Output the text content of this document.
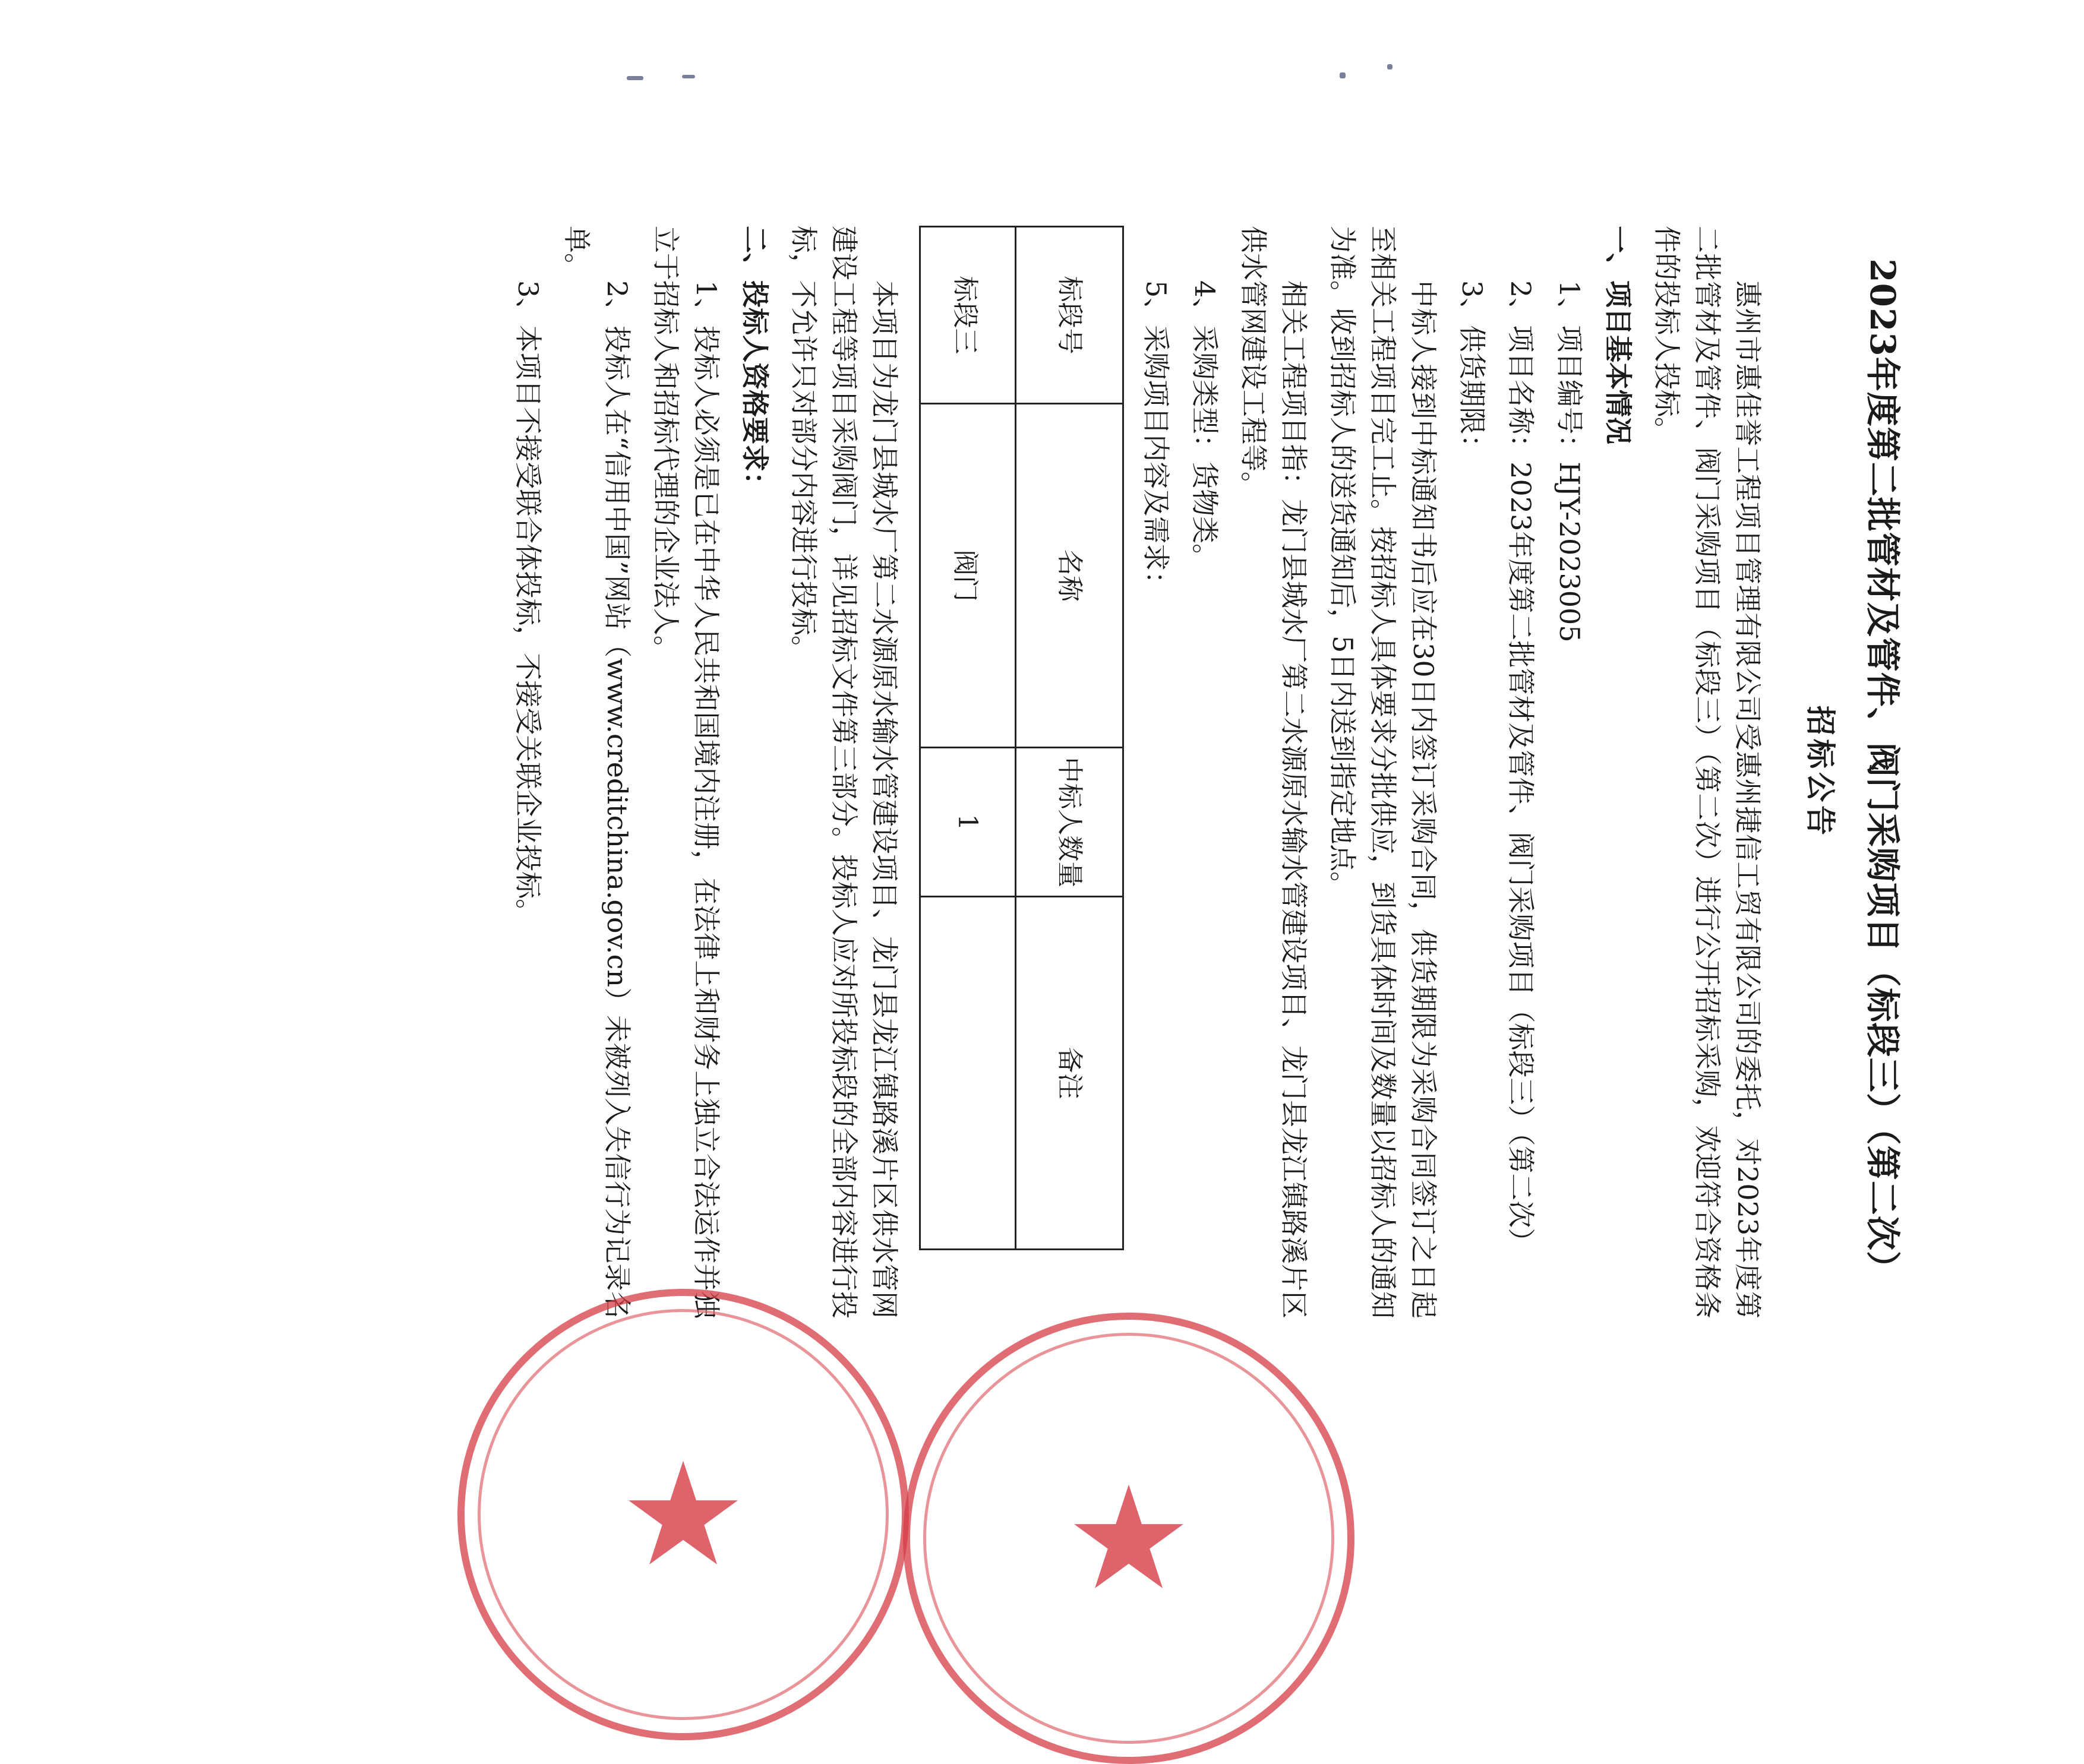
2023年度第二批管材及管件、阀门采购项目（标段三）（第二次）
招标公告

惠州市惠佳誉工程项目管理有限公司受惠州捷信工贸有限公司的委托，对2023年度第二批管材及管件、阀门采购项目（标段三）（第二次）进行公开招标采购，欢迎符合资格条件的投标人投标。

一、项目基本情况

1、项目编号：HJY-2023005

2、项目名称：2023年度第二批管材及管件、阀门采购项目（标段三）（第二次）

3、供货期限：

中标人接到中标通知书后应在30日内签订采购合同，供货期限为采购合同签订之日起至相关工程项目完工止。按招标人具体要求分批供应，到货具体时间及数量以招标人的通知为准。收到招标人的送货通知后，5日内送到指定地点。

相关工程项目指：龙门县城水厂第二水源原水输水管建设项目、龙门县龙江镇路溪片区供水管网建设工程等。

4、采购类型：货物类。

5、采购项目内容及需求：

标段号	名称	中标人数量	备注
标段三	阀门	1	

本项目为龙门县城水厂第二水源原水输水管建设项目、龙门县龙江镇路溪片区供水管网建设工程等项目采购阀门，详见招标文件第三部分。投标人应对所投标段的全部内容进行投标，不允许只对部分内容进行投标。

二、投标人资格要求：

1、投标人必须是已在中华人民共和国境内注册，在法律上和财务上独立合法运作并独立于招标人和招标代理的企业法人。

2、投标人在“信用中国”网站（www.creditchina.gov.cn）未被列入失信行为记录名单。

3、本项目不接受联合体投标，不接受关联企业投标。

★ ★
